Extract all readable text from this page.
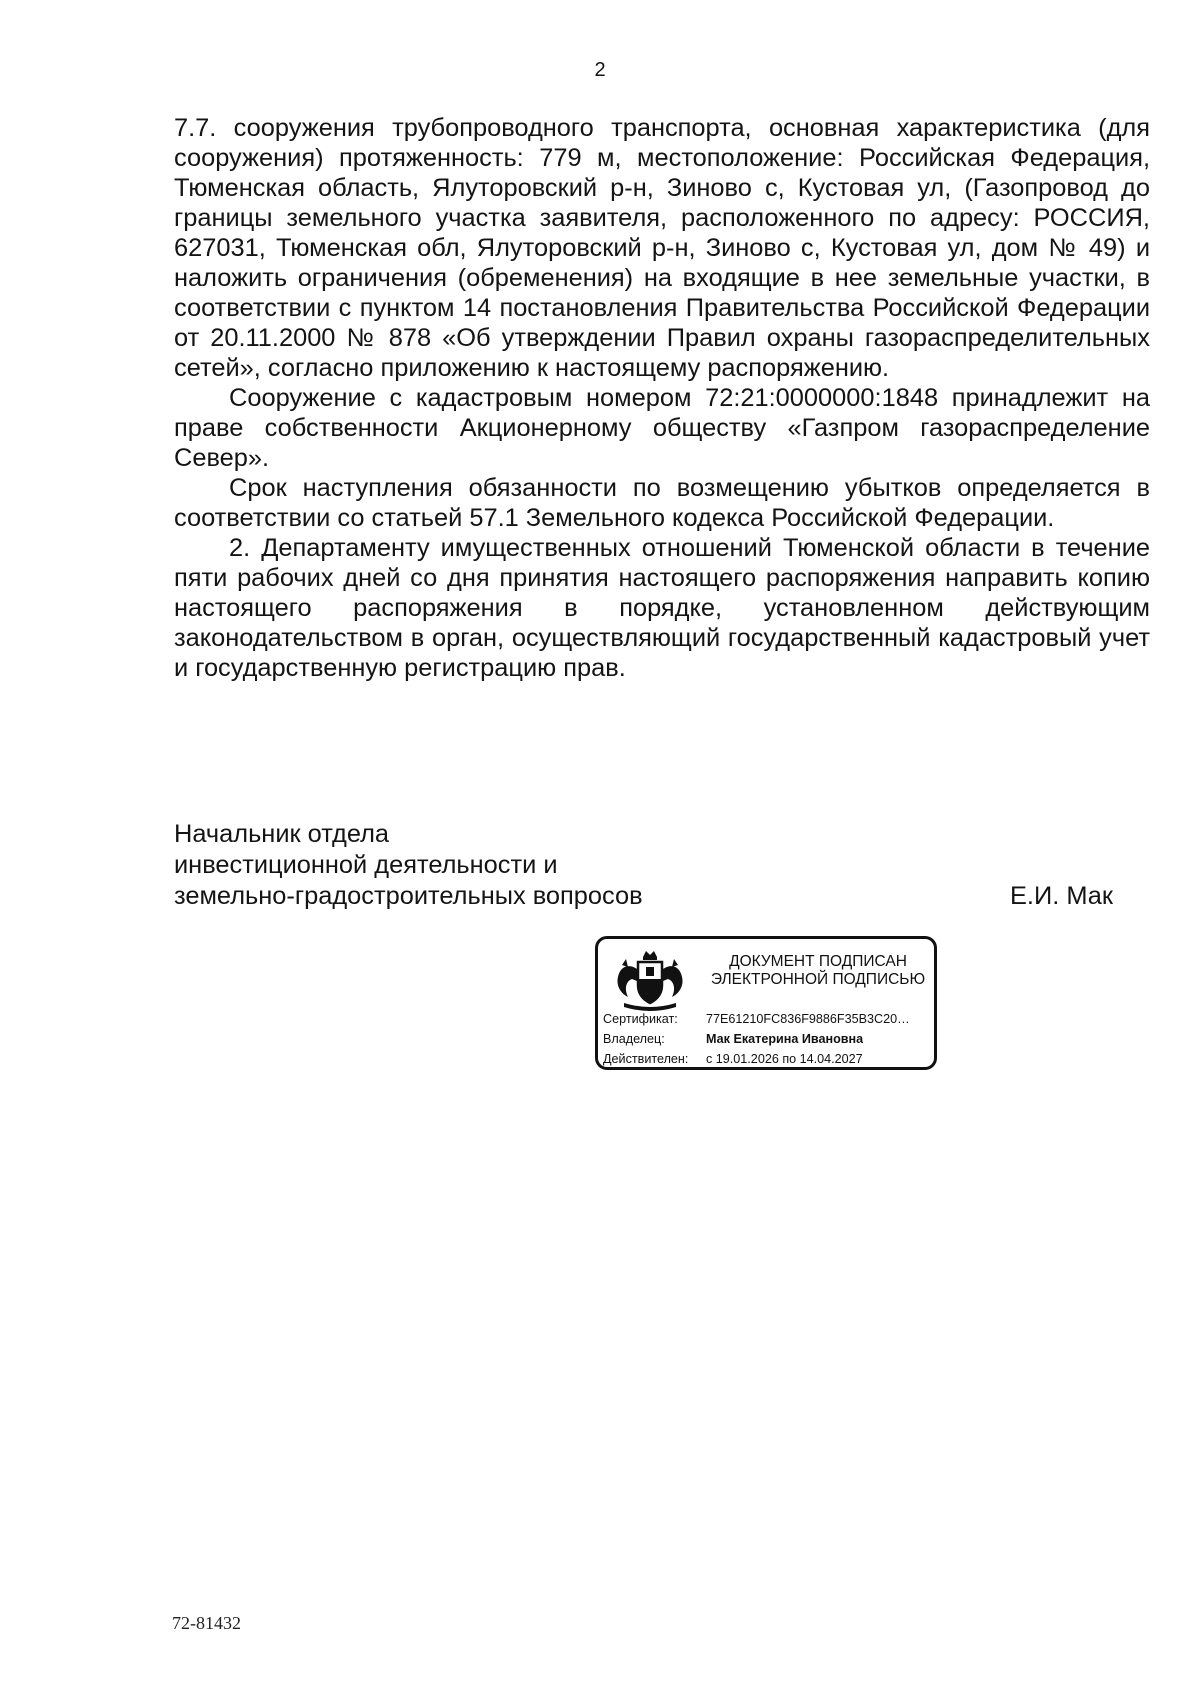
2

7.7. сооружения трубопроводного транспорта, основная характеристика (для сооружения) протяженность: 779 м, местоположение: Российская Федерация, Тюменская область, Ялуторовский р-н, Зиново с, Кустовая ул, (Газопровод до границы земельного участка заявителя, расположенного по адресу: РОССИЯ, 627031, Тюменская обл, Ялуторовский р-н, Зиново с, Кустовая ул, дом № 49) и наложить ограничения (обременения) на входящие в нее земельные участки, в соответствии с пунктом 14 постановления Правительства Российской Федерации от 20.11.2000 № 878 «Об утверждении Правил охраны газораспределительных сетей», согласно приложению к настоящему распоряжению.

Сооружение с кадастровым номером 72:21:0000000:1848 принадлежит на праве собственности Акционерному обществу «Газпром газораспределение Север».

Срок наступления обязанности по возмещению убытков определяется в соответствии со статьей 57.1 Земельного кодекса Российской Федерации.

2. Департаменту имущественных отношений Тюменской области в течение пяти рабочих дней со дня принятия настоящего распоряжения направить копию настоящего распоряжения в порядке, установленном действующим законодательством в орган, осуществляющий государственный кадастровый учет и государственную регистрацию прав.

Начальник отдела
инвестиционной деятельности и
земельно-градостроительных вопросов	Е.И. Мак
ДОКУМЕНТ ПОДПИСАН
ЭЛЕКТРОННОЙ ПОДПИСЬЮ
Сертификат:	77E61210FC836F9886F35B3C20…
Владелец:	Мак Екатерина Ивановна
Действителен:	с 19.01.2026 по 14.04.2027
72-81432
